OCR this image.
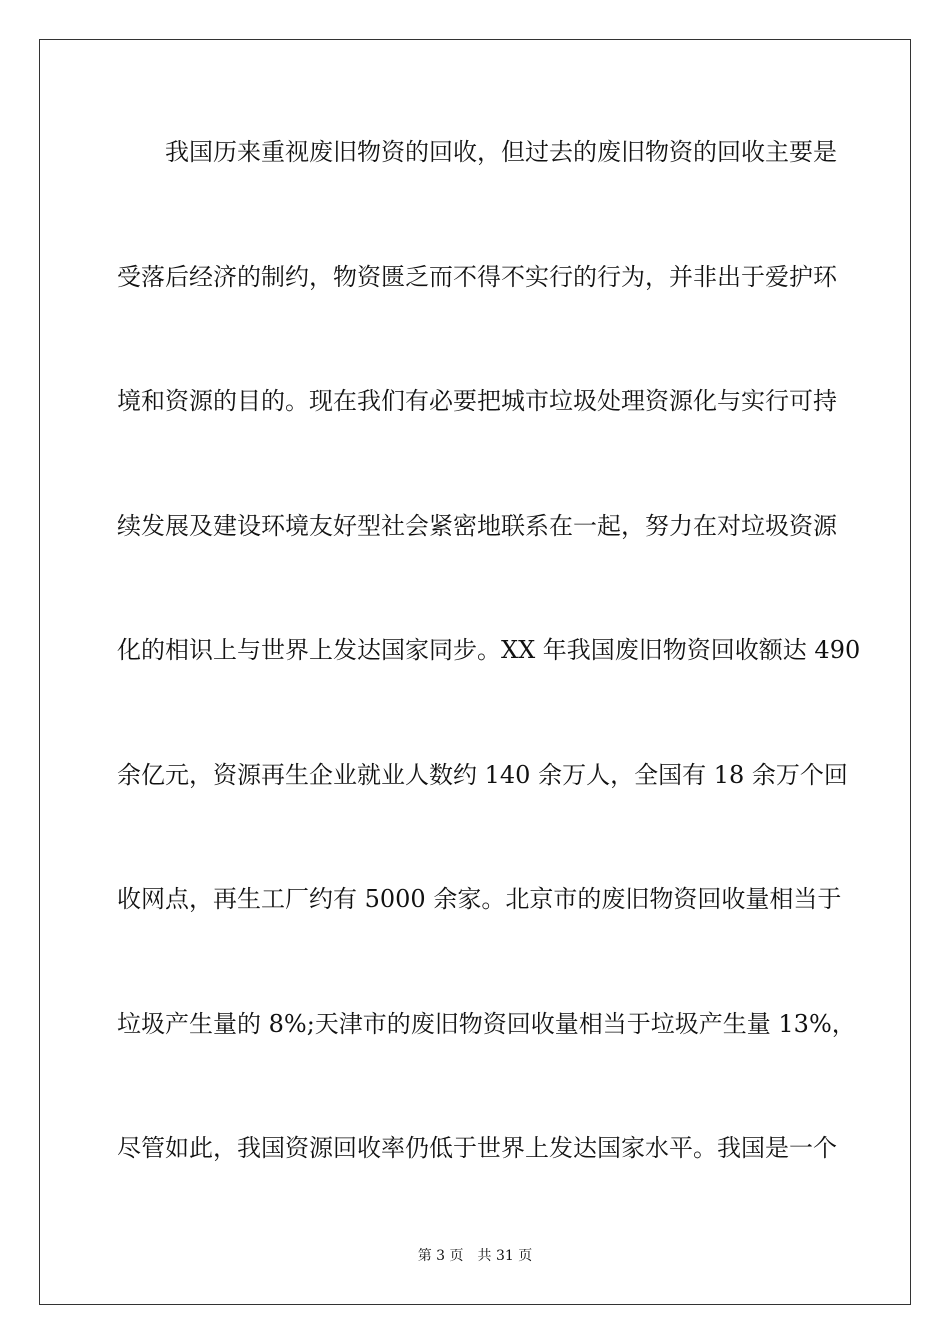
我国历来重视废旧物资的回收，但过去的废旧物资的回收主要是
受落后经济的制约，物资匮乏而不得不实行的行为，并非出于爱护环
境和资源的目的。现在我们有必要把城市垃圾处理资源化与实行可持
续发展及建设环境友好型社会紧密地联系在一起，努力在对垃圾资源
化的相识上与世界上发达国家同步。XX 年我国废旧物资回收额达 490
余亿元，资源再生企业就业人数约 140 余万人，全国有 18 余万个回
收网点，再生工厂约有 5000 余家。北京市的废旧物资回收量相当于
垃圾产生量的 8%;天津市的废旧物资回收量相当于垃圾产生量 13%，
尽管如此，我国资源回收率仍低于世界上发达国家水平。我国是一个
第 3 页 共 31 页
